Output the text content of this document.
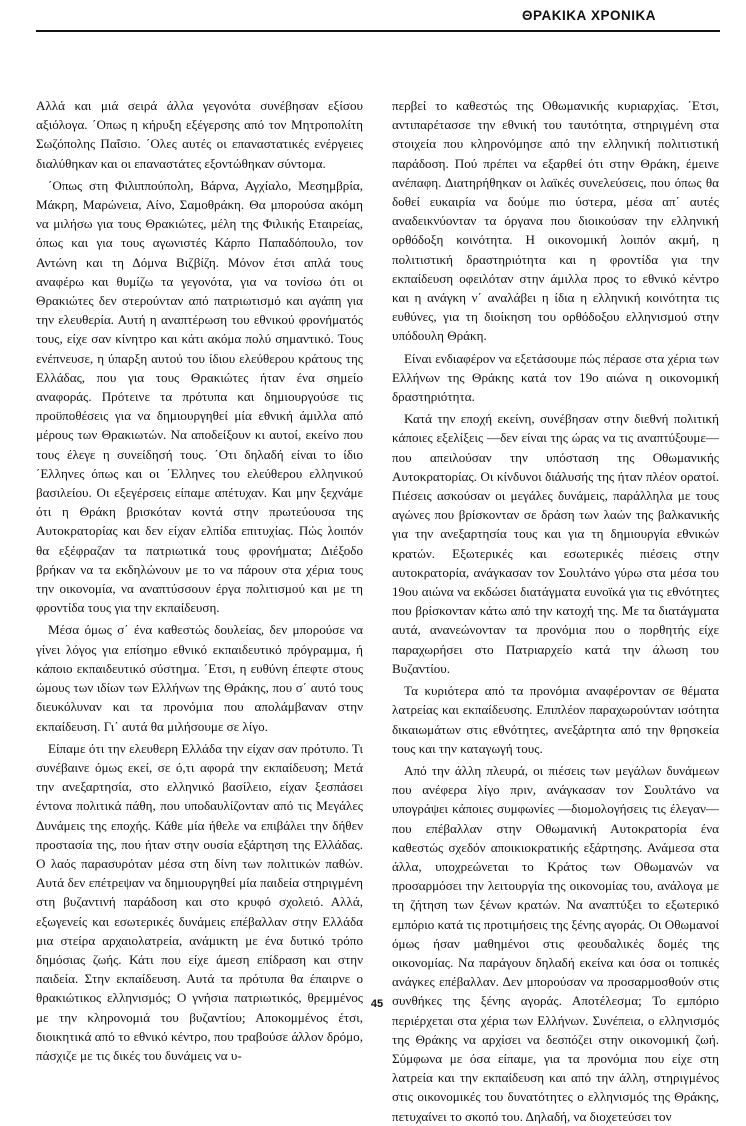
ΘΡΑΚΙΚΑ ΧΡΟΝΙΚΑ

Αλλά και μιά σειρά άλλα γεγονότα συνέβησαν εξίσου αξιόλογα. ΄Οπως η κήρυξη εξέγερσης από τον Μητροπολίτη Σωζόπολης Παΐσιο. ΄Ολες αυτές οι επαναστατικές ενέργειες διαλύθηκαν και οι επαναστάτες εξοντώθηκαν σύντομα.

΄Οπως στη Φιλιππούπολη, Βάρνα, Αγχίαλο, Μεσημβρία, Μάκρη, Μαρώνεια, Αίνο, Σαμοθράκη. Θα μπορούσα ακόμη να μιλήσω για τους Θρακιώτες, μέλη της Φιλικής Εταιρείας, όπως και για τους αγωνιστές Κάρπο Παπαδόπουλο, τον Αντώνη και τη Δόμνα Βιζβίζη. Μόνον έτσι απλά τους αναφέρω και θυμίζω τα γεγονότα, για να τονίσω ότι οι Θρακιώτες δεν στερούνταν από πατριωτισμό και αγάπη για την ελευθερία. Αυτή η αναπτέρωση του εθνικού φρονήματός τους, είχε σαν κίνητρο και κάτι ακόμα πολύ σημαντικό. Τους ενέπνευσε, η ύπαρξη αυτού του ίδιου ελεύθερου κράτους της Ελλάδας, που για τους Θρακιώτες ήταν ένα σημείο αναφοράς. Πρότεινε τα πρότυπα και δημιουργούσε τις προϋποθέσεις για να δημιουργηθεί μία εθνική άμιλλα από μέρους των Θρακιωτών. Να αποδείξουν κι αυτοί, εκείνο που τους έλεγε η συνείδησή τους. ΄Οτι δηλαδή είναι το ίδιο ΄Ελληνες όπως και οι ΄Ελληνες του ελεύθερου ελληνικού βασιλείου. Οι εξεγέρσεις είπαμε απέτυχαν. Και μην ξεχνάμε ότι η Θράκη βρισκόταν κοντά στην πρωτεύουσα της Αυτοκρατορίας και δεν είχαν ελπίδα επιτυχίας. Πώς λοιπόν θα εξέφραζαν τα πατριωτικά τους φρονήματα; Διέξοδο βρήκαν να τα εκδηλώνουν με το να πάρουν στα χέρια τους την οικονομία, να αναπτύσσουν έργα πολιτισμού και με τη φροντίδα τους για την εκπαίδευση.

Μέσα όμως σ΄ ένα καθεστώς δουλείας, δεν μπορούσε να γίνει λόγος για επίσημο εθνικό εκπαιδευτικό πρόγραμμα, ή κάποιο εκπαιδευτικό σύστημα. ΄Ετσι, η ευθύνη έπεφτε στους ώμους των ιδίων των Ελλήνων της Θράκης, που σ΄ αυτό τους διευκόλυναν και τα προνόμια που απολάμβαναν στην εκπαίδευση. Γι΄ αυτά θα μιλήσουμε σε λίγο.

Είπαμε ότι την ελευθερη Ελλάδα την είχαν σαν πρότυπο. Τι συνέβαινε όμως εκεί, σε ό,τι αφορά την εκπαίδευση; Μετά την ανεξαρτησία, στο ελληνικό βασίλειο, είχαν ξεσπάσει έντονα πολιτικά πάθη, που υποδαυλίζονταν από τις Μεγάλες Δυνάμεις της εποχής. Κάθε μία ήθελε να επιβάλει την δήθεν προστασία της, που ήταν στην ουσία εξάρτηση της Ελλάδας. Ο λαός παρασυρόταν μέσα στη δίνη των πολιτικών παθών. Αυτά δεν επέτρεψαν να δημιουργηθεί μία παιδεία στηριγμένη στη βυζαντινή παράδοση και στο κρυφό σχολειό. Αλλά, εξωγενείς και εσωτερικές δυνάμεις επέβαλλαν στην Ελλάδα μια στείρα αρχαιολατρεία, ανάμικτη με ένα δυτικό τρόπο δημόσιας ζωής. Κάτι που είχε άμεση επίδραση και στην παιδεία. Στην εκπαίδευση. Αυτά τα πρότυπα θα έπαιρνε ο θρακιώτικος ελληνισμός; Ο γνήσια πατριωτικός, θρεμμένος με την κληρονομιά του βυζαντίου; Αποκομμένος έτσι, διοικητικά από το εθνικό κέντρο, που τραβούσε άλλον δρόμο, πάσχιζε με τις δικές του δυνάμεις να υ-

περβεί το καθεστώς της Οθωμανικής κυριαρχίας. ΄Ετσι, αντιπαρέτασσε την εθνική του ταυτότητα, στηριγμένη στα στοιχεία που κληρονόμησε από την ελληνική πολιτιστική παράδοση. Πού πρέπει να εξαρθεί ότι στην Θράκη, έμεινε ανέπαφη. Διατηρήθηκαν οι λαϊκές συνελεύσεις, που όπως θα δοθεί ευκαιρία να δούμε πιο ύστερα, μέσα απ΄ αυτές αναδεικνύονταν τα όργανα που διοικούσαν την ελληνική ορθόδοξη κοινότητα. Η οικονομική λοιπόν ακμή, η πολιτιστική δραστηριότητα και η φροντίδα για την εκπαίδευση οφειλόταν στην άμιλλα προς το εθνικό κέντρο και η ανάγκη ν΄ αναλάβει η ίδια η ελληνική κοινότητα τις ευθύνες, για τη διοίκηση του ορθόδοξου ελληνισμού στην υπόδουλη Θράκη.

Είναι ενδιαφέρον να εξετάσουμε πώς πέρασε στα χέρια των Ελλήνων της Θράκης κατά τον 19ο αιώνα η οικονομική δραστηριότητα.

Κατά την εποχή εκείνη, συνέβησαν στην διεθνή πολιτική κάποιες εξελίξεις —δεν είναι της ώρας να τις αναπτύξουμε— που απειλούσαν την υπόσταση της Οθωμανικής Αυτοκρατορίας. Οι κίνδυνοι διάλυσής της ήταν πλέον ορατοί. Πιέσεις ασκούσαν οι μεγάλες δυνάμεις, παράλληλα με τους αγώνες που βρίσκονταν σε δράση των λαών της βαλκανικής για την ανεξαρτησία τους και για τη δημιουργία εθνικών κρατών. Εξωτερικές και εσωτερικές πιέσεις στην αυτοκρατορία, ανάγκασαν τον Σουλτάνο γύρω στα μέσα του 19ου αιώνα να εκδώσει διατάγματα ευνοϊκά για τις εθνότητες που βρίσκονταν κάτω από την κατοχή της. Με τα διατάγματα αυτά, ανανεώνονταν τα προνόμια που ο πορθητής είχε παραχωρήσει στο Πατριαρχείο κατά την άλωση του Βυζαντίου.

Τα κυριότερα από τα προνόμια αναφέρονταν σε θέματα λατρείας και εκπαίδευσης. Επιπλέον παραχωρούνταν ισότητα δικαιωμάτων στις εθνότητες, ανεξάρτητα από την θρησκεία τους και την καταγωγή τους.

Από την άλλη πλευρά, οι πιέσεις των μεγάλων δυνάμεων που ανέφερα λίγο πριν, ανάγκασαν τον Σουλτάνο να υπογράψει κάποιες συμφωνίες —διομολογήσεις τις έλεγαν— που επέβαλλαν στην Οθωμανική Αυτοκρατορία ένα καθεστώς σχεδόν αποικιοκρατικής εξάρτησης. Ανάμεσα στα άλλα, υποχρεώνεται το Κράτος των Οθωμανών να προσαρμόσει την λειτουργία της οικονομίας του, ανάλογα με τη ζήτηση των ξένων κρατών. Να αναπτύξει το εξωτερικό εμπόριο κατά τις προτιμήσεις της ξένης αγοράς. Οι Οθωμανοί όμως ήσαν μαθημένοι στις φεουδαλικές δομές της οικονομίας. Να παράγουν δηλαδή εκείνα και όσα οι τοπικές ανάγκες επέβαλλαν. Δεν μπορούσαν να προσαρμοσθούν στις συνθήκες της ξένης αγοράς. Αποτέλεσμα; Το εμπόριο περιέρχεται στα χέρια των Ελλήνων. Συνέπεια, ο ελληνισμός της Θράκης να αρχίσει να δεσπόζει στην οικονομική ζωή. Σύμφωνα με όσα είπαμε, για τα προνόμια που είχε στη λατρεία και την εκπαίδευση και από την άλλη, στηριγμένος στις οικονομικές του δυνατότητες ο ελληνισμός της Θράκης, πετυχαίνει το σκοπό του. Δηλαδή, να διοχετεύσει τον

45
